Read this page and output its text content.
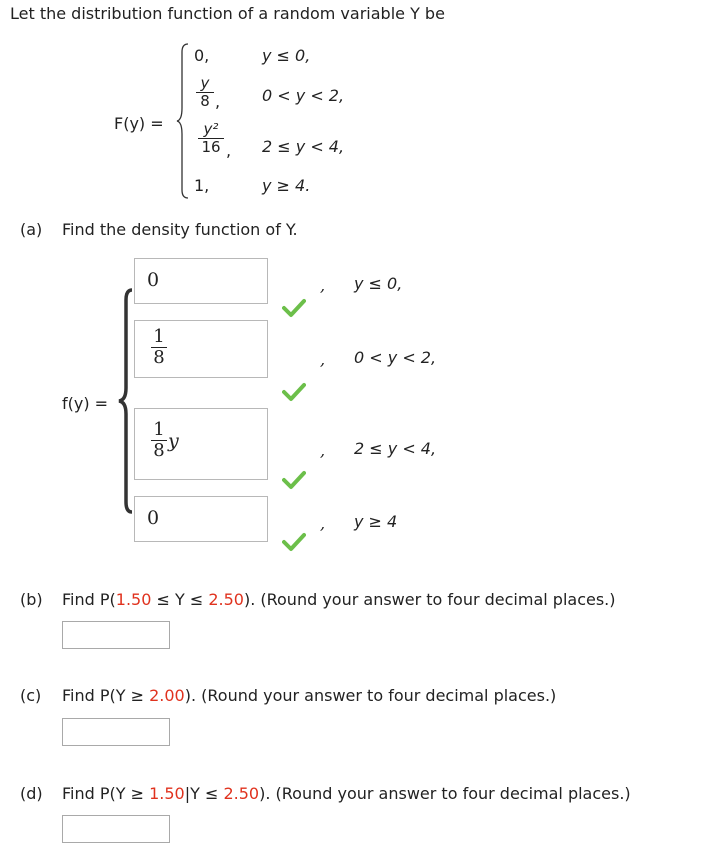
Let the distribution function of a random variable Y be
F(y) =
0,	y ≤ 0,
y
8 ,	0 < y < 2,
y²
16 , 2 ≤ y < 4,
1,	y ≥ 4.
(a) Find the density function of Y.
f(y) =
0	, y ≤ 0,
1
8	, 0 < y < 2,
1
8 y	, 2 ≤ y < 4,
0	, y ≥ 4
(b) Find P(1.50 ≤ Y ≤ 2.50). (Round your answer to four decimal places.)
(c) Find P(Y ≥ 2.00). (Round your answer to four decimal places.)
(d) Find P(Y ≥ 1.50|Y ≤ 2.50). (Round your answer to four decimal places.)
